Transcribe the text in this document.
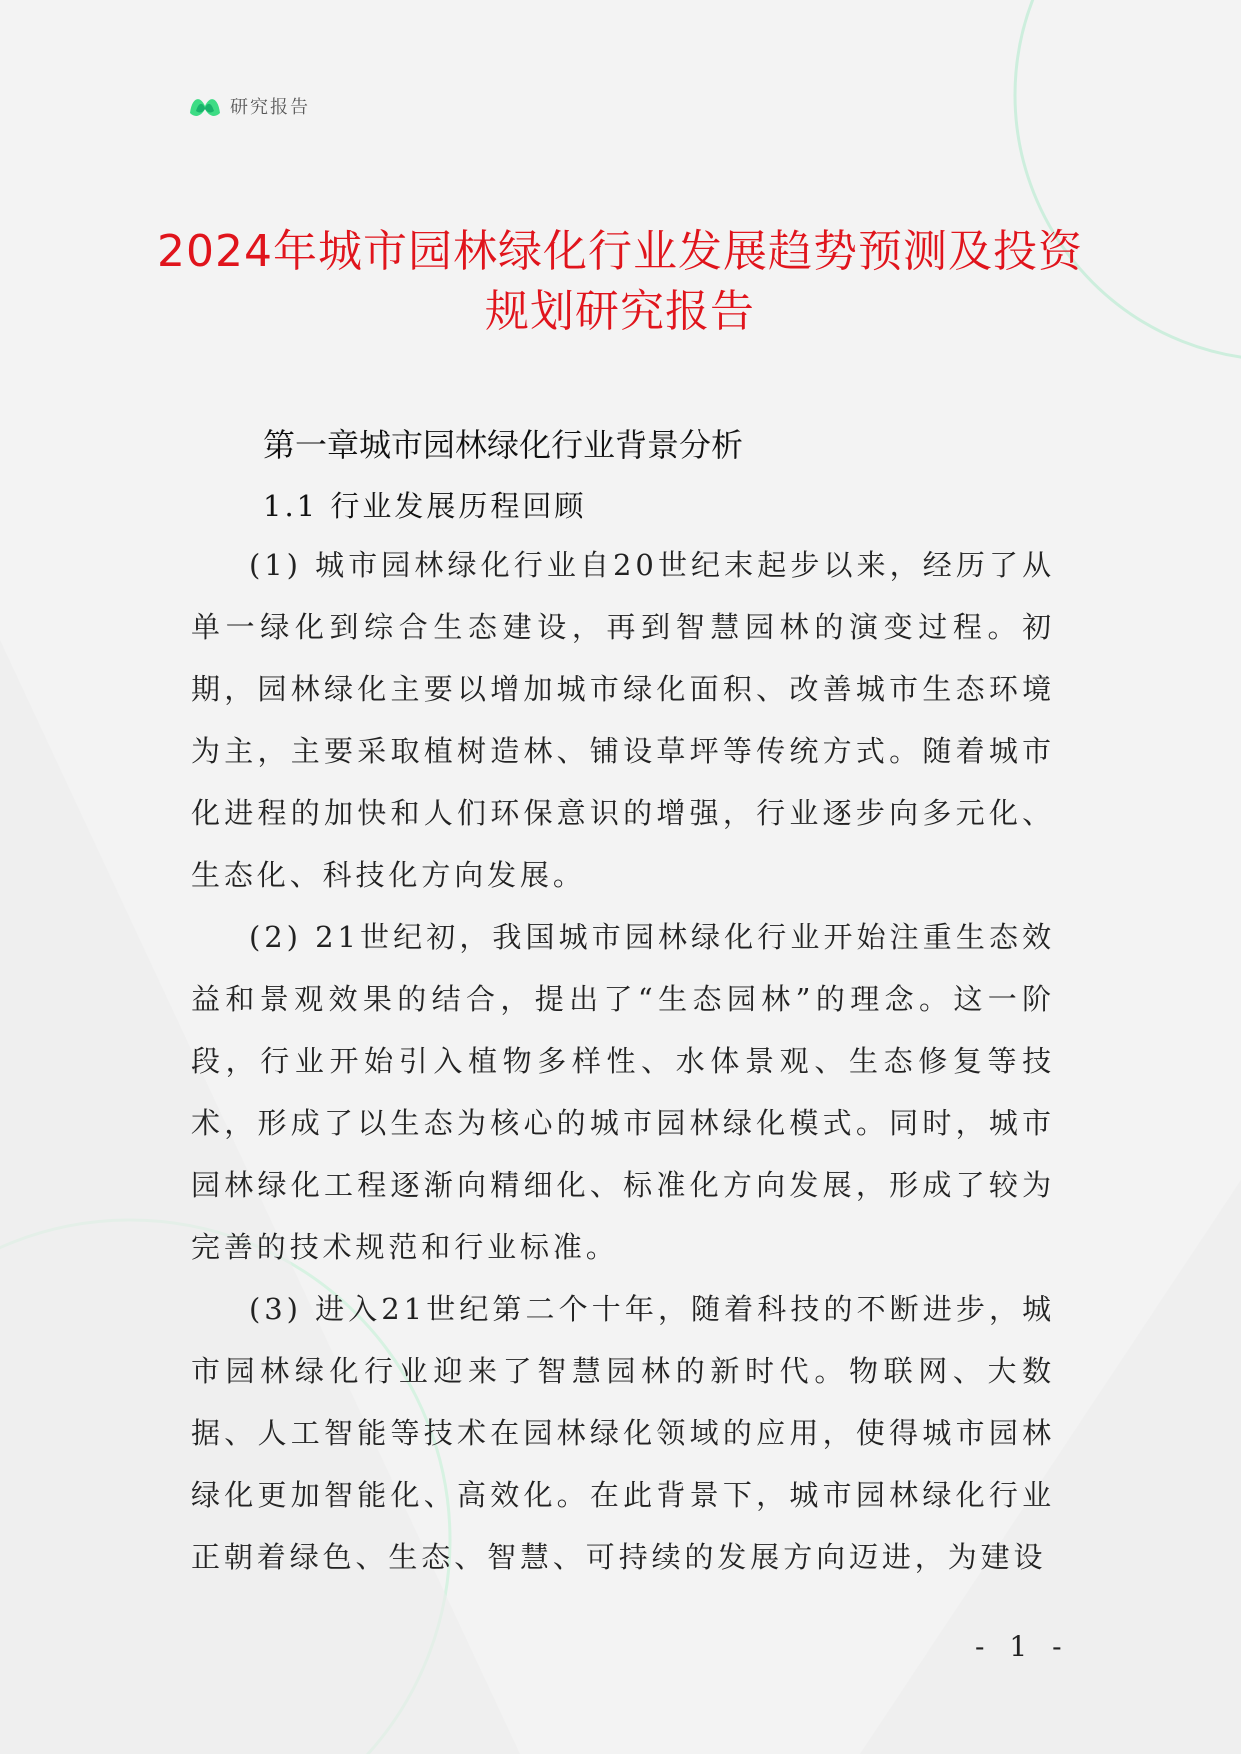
研究报告
2024年城市园林绿化行业发展趋势预测及投资规划研究报告
第一章城市园林绿化行业背景分析
1.1 行业发展历程回顾

(1) 城市园林绿化行业自20世纪末起步以来，经历了从单一绿化到综合生态建设，再到智慧园林的演变过程。初期，园林绿化主要以增加城市绿化面积、改善城市生态环境为主，主要采取植树造林、铺设草坪等传统方式。随着城市化进程的加快和人们环保意识的增强，行业逐步向多元化、生态化、科技化方向发展。

(2) 21世纪初，我国城市园林绿化行业开始注重生态效益和景观效果的结合，提出了“生态园林”的理念。这一阶段，行业开始引入植物多样性、水体景观、生态修复等技术，形成了以生态为核心的城市园林绿化模式。同时，城市园林绿化工程逐渐向精细化、标准化方向发展，形成了较为完善的技术规范和行业标准。

(3) 进入21世纪第二个十年，随着科技的不断进步，城市园林绿化行业迎来了智慧园林的新时代。物联网、大数据、人工智能等技术在园林绿化领域的应用，使得城市园林绿化更加智能化、高效化。在此背景下，城市园林绿化行业正朝着绿色、生态、智慧、可持续的发展方向迈进，为建设

- 1 -
